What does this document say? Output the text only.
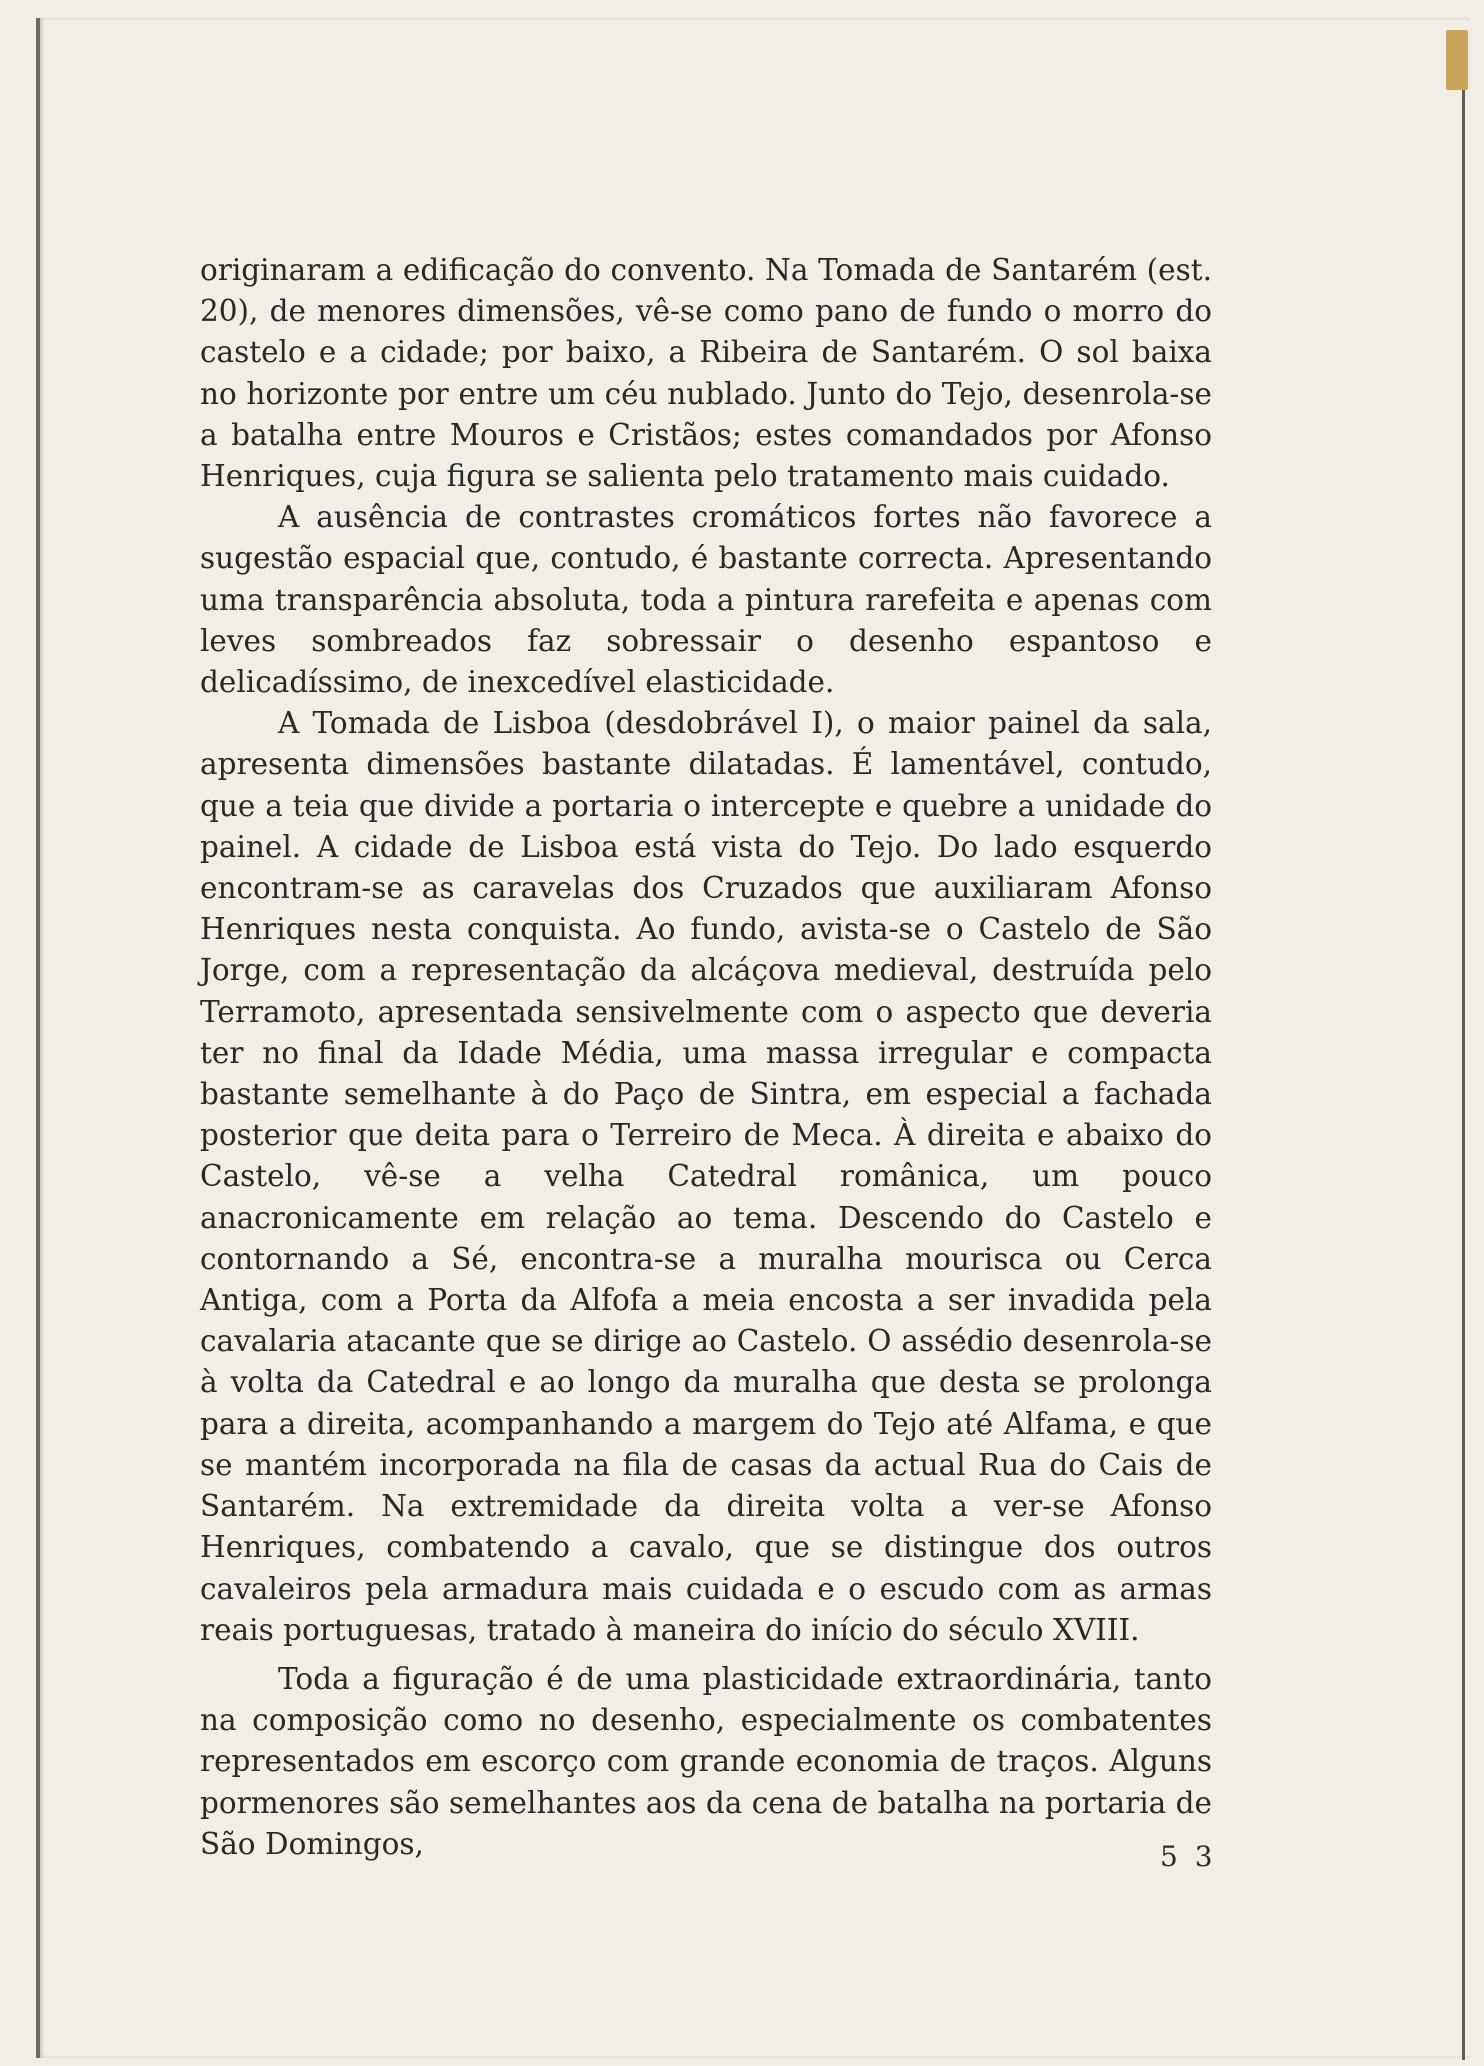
originaram a edificação do convento. Na Tomada de Santarém (est. 20), de menores dimensões, vê-se como pano de fundo o morro do castelo e a cidade; por baixo, a Ribeira de Santarém. O sol baixa no horizonte por entre um céu nublado. Junto do Tejo, desenrola-se a batalha entre Mouros e Cristãos; estes comandados por Afonso Henriques, cuja figura se salienta pelo tratamento mais cuidado.

A ausência de contrastes cromáticos fortes não favorece a sugestão espacial que, contudo, é bastante correcta. Apresentando uma transparência absoluta, toda a pintura rarefeita e apenas com leves sombreados faz sobressair o desenho espantoso e delicadíssimo, de inexcedível elasticidade.

A Tomada de Lisboa (desdobrável I), o maior painel da sala, apresenta dimensões bastante dilatadas. É lamentável, contudo, que a teia que divide a portaria o intercepte e quebre a unidade do painel. A cidade de Lisboa está vista do Tejo. Do lado esquerdo encontram-se as caravelas dos Cruzados que auxiliaram Afonso Henriques nesta conquista. Ao fundo, avista-se o Castelo de São Jorge, com a representação da alcáçova medieval, destruída pelo Terramoto, apresentada sensivelmente com o aspecto que deveria ter no final da Idade Média, uma massa irregular e compacta bastante semelhante à do Paço de Sintra, em especial a fachada posterior que deita para o Terreiro de Meca. À direita e abaixo do Castelo, vê-se a velha Catedral românica, um pouco anacronicamente em relação ao tema. Descendo do Castelo e contornando a Sé, encontra-se a muralha mourisca ou Cerca Antiga, com a Porta da Alfofa a meia encosta a ser invadida pela cavalaria atacante que se dirige ao Castelo. O assédio desenrola-se à volta da Catedral e ao longo da muralha que desta se prolonga para a direita, acompanhando a margem do Tejo até Alfama, e que se mantém incorporada na fila de casas da actual Rua do Cais de Santarém. Na extremidade da direita volta a ver-se Afonso Henriques, combatendo a cavalo, que se distingue dos outros cavaleiros pela armadura mais cuidada e o escudo com as armas reais portuguesas, tratado à maneira do início do século XVIII.

Toda a figuração é de uma plasticidade extraordinária, tanto na composição como no desenho, especialmente os combatentes representados em escorço com grande economia de traços. Alguns pormenores são semelhantes aos da cena de batalha na portaria de São Domingos,	5 3
